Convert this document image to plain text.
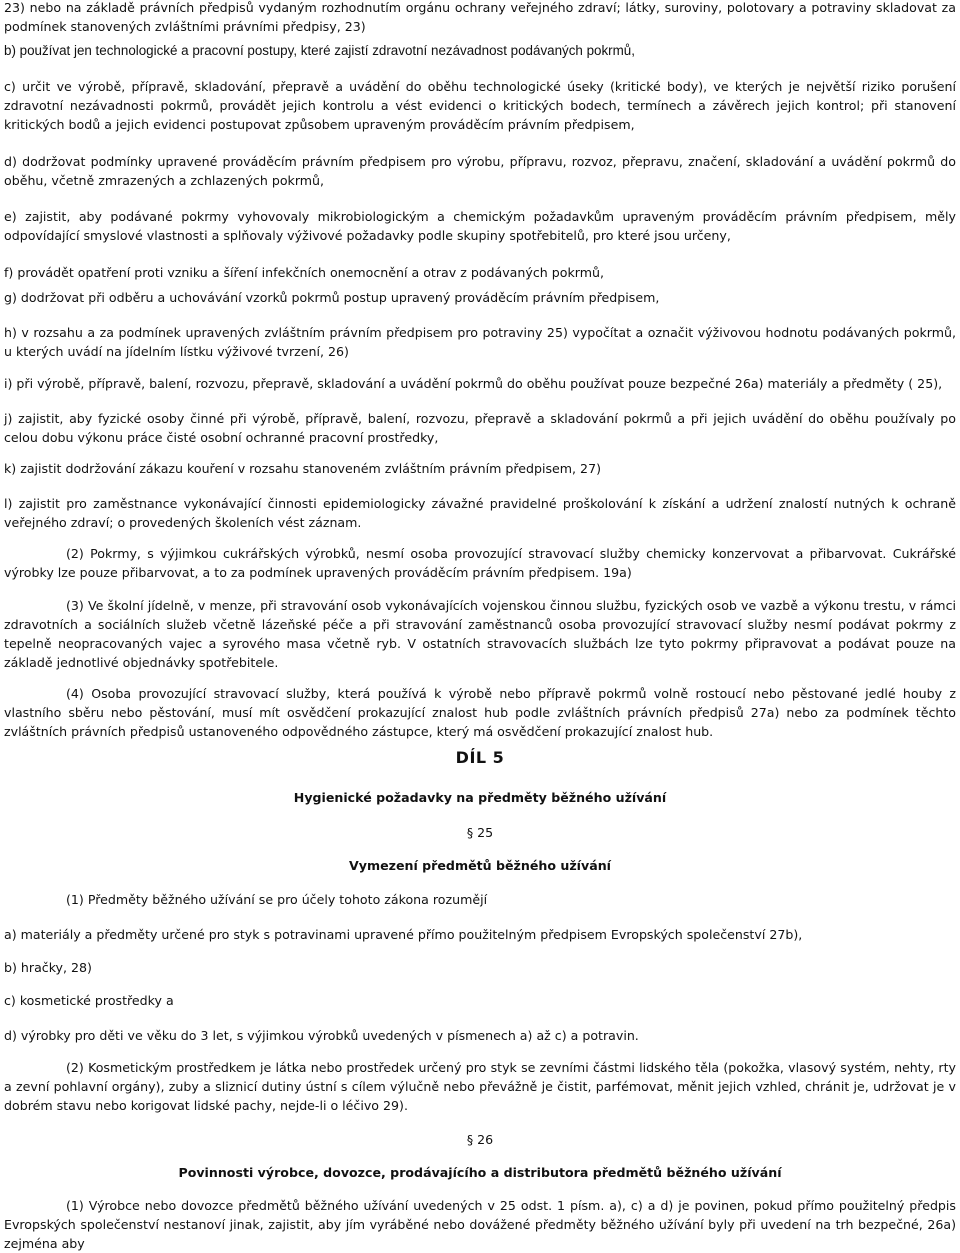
23) nebo na základě právních předpisů vydaným rozhodnutím orgánu ochrany veřejného zdraví; látky, suroviny, polotovary a potraviny skladovat za podmínek stanovených zvláštními právními předpisy, 23)

b) používat jen technologické a pracovní postupy, které zajistí zdravotní nezávadnost podávaných pokrmů,

c) určit ve výrobě, přípravě, skladování, přepravě a uvádění do oběhu technologické úseky (kritické body), ve kterých je největší riziko porušení zdravotní nezávadnosti pokrmů, provádět jejich kontrolu a vést evidenci o kritických bodech, termínech a závěrech jejich kontrol; při stanovení kritických bodů a jejich evidenci postupovat způsobem upraveným prováděcím právním předpisem,

d) dodržovat podmínky upravené prováděcím právním předpisem pro výrobu, přípravu, rozvoz, přepravu, značení, skladování a uvádění pokrmů do oběhu, včetně zmrazených a zchlazených pokrmů,

e) zajistit, aby podávané pokrmy vyhovovaly mikrobiologickým a chemickým požadavkům upraveným prováděcím právním předpisem, měly odpovídající smyslové vlastnosti a splňovaly výživové požadavky podle skupiny spotřebitelů, pro které jsou určeny,

f) provádět opatření proti vzniku a šíření infekčních onemocnění a otrav z podávaných pokrmů,

g) dodržovat při odběru a uchovávání vzorků pokrmů postup upravený prováděcím právním předpisem,

h) v rozsahu a za podmínek upravených zvláštním právním předpisem pro potraviny 25) vypočítat a označit výživovou hodnotu podávaných pokrmů, u kterých uvádí na jídelním lístku výživové tvrzení, 26)

i) při výrobě, přípravě, balení, rozvozu, přepravě, skladování a uvádění pokrmů do oběhu používat pouze bezpečné 26a) materiály a předměty ( 25),

j) zajistit, aby fyzické osoby činné při výrobě, přípravě, balení, rozvozu, přepravě a skladování pokrmů a při jejich uvádění do oběhu používaly po celou dobu výkonu práce čisté osobní ochranné pracovní prostředky,

k) zajistit dodržování zákazu kouření v rozsahu stanoveném zvláštním právním předpisem, 27)

l) zajistit pro zaměstnance vykonávající činnosti epidemiologicky závažné pravidelné proškolování k získání a udržení znalostí nutných k ochraně veřejného zdraví; o provedených školeních vést záznam.

(2) Pokrmy, s výjimkou cukrářských výrobků, nesmí osoba provozující stravovací služby chemicky konzervovat a přibarvovat. Cukrářské výrobky lze pouze přibarvovat, a to za podmínek upravených prováděcím právním předpisem. 19a)

(3) Ve školní jídelně, v menze, při stravování osob vykonávajících vojenskou činnou službu, fyzických osob ve vazbě a výkonu trestu, v rámci zdravotních a sociálních služeb včetně lázeňské péče a při stravování zaměstnanců osoba provozující stravovací služby nesmí podávat pokrmy z tepelně neopracovaných vajec a syrového masa včetně ryb. V ostatních stravovacích službách lze tyto pokrmy připravovat a podávat pouze na základě jednotlivé objednávky spotřebitele.

(4) Osoba provozující stravovací služby, která používá k výrobě nebo přípravě pokrmů volně rostoucí nebo pěstované jedlé houby z vlastního sběru nebo pěstování, musí mít osvědčení prokazující znalost hub podle zvláštních právních předpisů 27a) nebo za podmínek těchto zvláštních právních předpisů ustanoveného odpovědného zástupce, který má osvědčení prokazující znalost hub.

DÍL 5

Hygienické požadavky na předměty běžného užívání

§ 25

Vymezení předmětů běžného užívání

(1) Předměty běžného užívání se pro účely tohoto zákona rozumějí

a) materiály a předměty určené pro styk s potravinami upravené přímo použitelným předpisem Evropských společenství 27b),

b) hračky, 28)

c) kosmetické prostředky a

d) výrobky pro děti ve věku do 3 let, s výjimkou výrobků uvedených v písmenech a) až c) a potravin.

(2) Kosmetickým prostředkem je látka nebo prostředek určený pro styk se zevními částmi lidského těla (pokožka, vlasový systém, nehty, rty a zevní pohlavní orgány), zuby a sliznicí dutiny ústní s cílem výlučně nebo převážně je čistit, parfémovat, měnit jejich vzhled, chránit je, udržovat je v dobrém stavu nebo korigovat lidské pachy, nejde-li o léčivo 29).

§ 26

Povinnosti výrobce, dovozce, prodávajícího a distributora předmětů běžného užívání

(1) Výrobce nebo dovozce předmětů běžného užívání uvedených v 25 odst. 1 písm. a), c) a d) je povinen, pokud přímo použitelný předpis Evropských společenství nestanoví jinak, zajistit, aby jím vyráběné nebo dovážené předměty běžného užívání byly při uvedení na trh bezpečné, 26a) zejména aby
